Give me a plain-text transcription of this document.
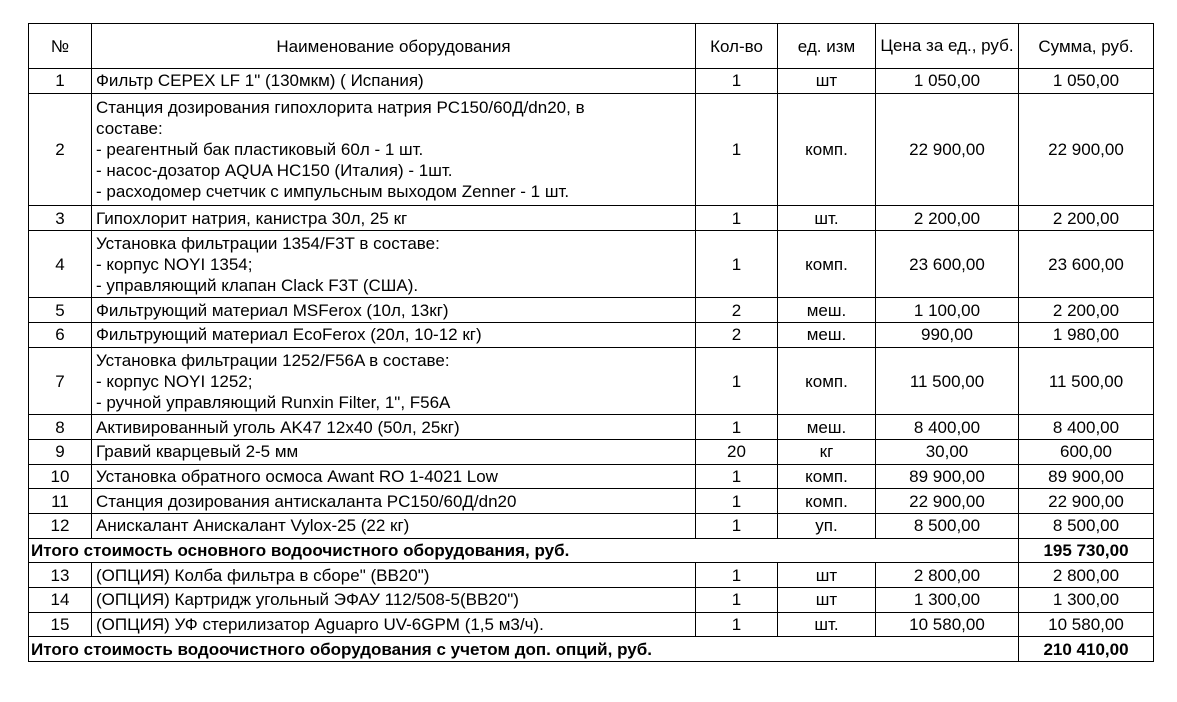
№	Наименование оборудования	Кол-во	ед. изм	Цена за ед., руб.	Сумма, руб.
1	Фильтр CEPEX LF 1" (130мкм) ( Испания)	1	шт	1 050,00	1 050,00
2	Станция дозирования гипохлорита натрия PC150/60Д/dn20, в
составе:
- реагентный бак пластиковый 60л - 1 шт.
- насос-дозатор AQUA HC150 (Италия) - 1шт.
- расходомер счетчик с импульсным выходом Zenner - 1 шт.	1	комп.	22 900,00	22 900,00
3	Гипохлорит натрия, канистра 30л, 25 кг	1	шт.	2 200,00	2 200,00
4	Установка фильтрации 1354/F3T в составе:
- корпус NOYI 1354;
- управляющий клапан Clack F3T (США).	1	комп.	23 600,00	23 600,00
5	Фильтрующий материал MSFerox (10л, 13кг)	2	меш.	1 100,00	2 200,00
6	Фильтрующий материал EcoFerox (20л, 10-12 кг)	2	меш.	990,00	1 980,00
7	Установка фильтрации 1252/F56A в составе:
- корпус NOYI 1252;
- ручной управляющий Runxin Filter, 1", F56A	1	комп.	11 500,00	11 500,00
8	Активированный уголь AK47 12x40 (50л, 25кг)	1	меш.	8 400,00	8 400,00
9	Гравий кварцевый 2-5 мм	20	кг	30,00	600,00
10	Установка обратного осмоса Awant RO 1-4021 Low	1	комп.	89 900,00	89 900,00
11	Станция дозирования антискаланта PC150/60Д/dn20	1	комп.	22 900,00	22 900,00
12	Анискалант Анискалант Vylox-25 (22 кг)	1	уп.	8 500,00	8 500,00
Итого стоимость основного водоочистного оборудования, руб.					195 730,00
13	(ОПЦИЯ) Колба фильтра в сборе" (ВВ20")	1	шт	2 800,00	2 800,00
14	(ОПЦИЯ) Картридж угольный ЭФАУ 112/508-5(ВВ20")	1	шт	1 300,00	1 300,00
15	(ОПЦИЯ) УФ стерилизатор Aguapro UV-6GPM (1,5 м3/ч).	1	шт.	10 580,00	10 580,00
Итого стоимость водоочистного оборудования с учетом доп. опций, руб.					210 410,00
